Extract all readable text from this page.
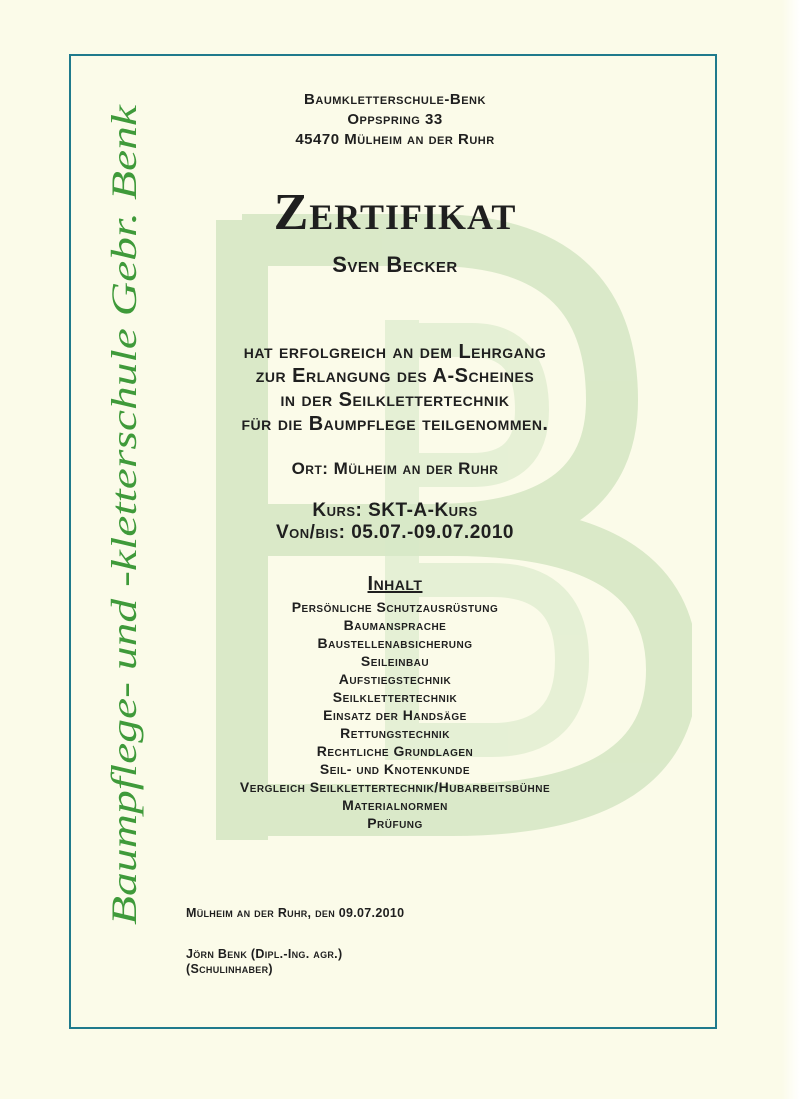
Baumpflege- und -kletterschule Gebr. Benk
Baumkletterschule-Benk
Oppspring 33
45470 Mülheim an der Ruhr
Zertifikat
Sven Becker
hat erfolgreich an dem Lehrgang
zur Erlangung des A-Scheines
in der Seilklettertechnik
für die Baumpflege teilgenommen.
Ort: Mülheim an der Ruhr
Kurs: SKT-A-Kurs
Von/bis: 05.07.-09.07.2010
Inhalt
Persönliche Schutzausrüstung
Baumansprache
Baustellenabsicherung
Seileinbau
Aufstiegstechnik
Seilklettertechnik
Einsatz der Handsäge
Rettungstechnik
Rechtliche Grundlagen
Seil- und Knotenkunde
Vergleich Seilklettertechnik/Hubarbeitsbühne
Materialnormen
Prüfung
Mülheim an der Ruhr, den 09.07.2010
Jörn Benk (Dipl.-Ing. agr.)
(Schulinhaber)
